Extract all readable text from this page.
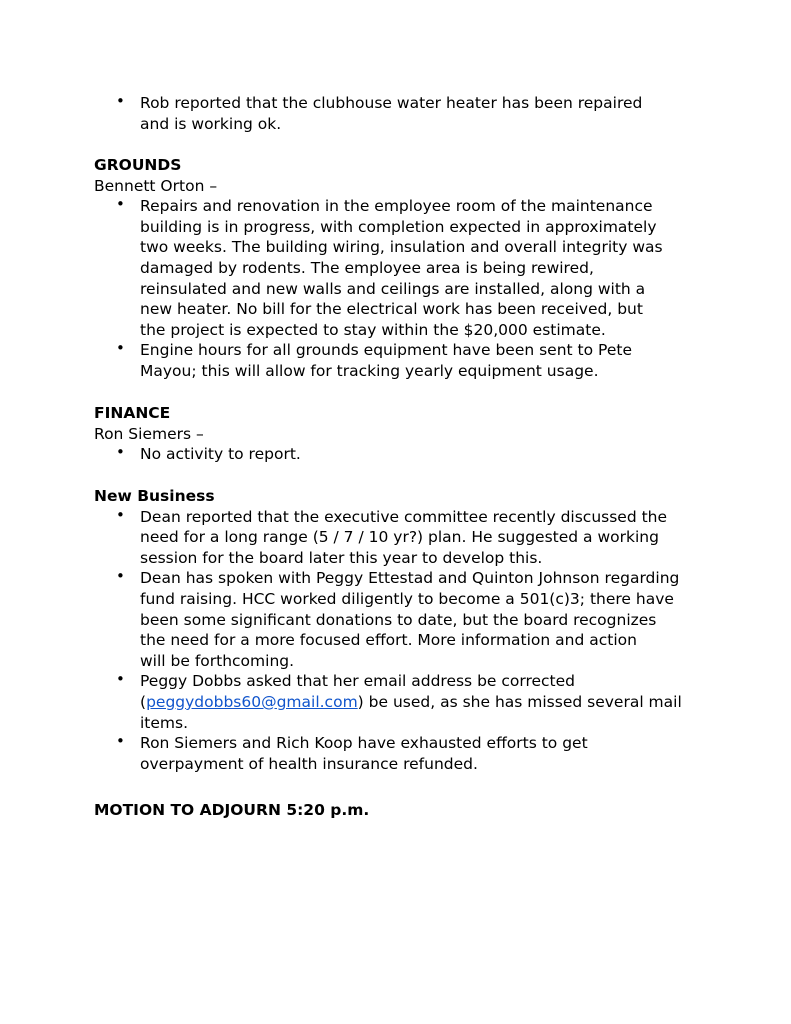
• Rob reported that the clubhouse water heater has been repaired
and is working ok.

GROUNDS

Bennett Orton –

• Repairs and renovation in the employee room of the maintenance
building is in progress, with completion expected in approximately
two weeks. The building wiring, insulation and overall integrity was
damaged by rodents. The employee area is being rewired,
reinsulated and new walls and ceilings are installed, along with a
new heater. No bill for the electrical work has been received, but
the project is expected to stay within the $20,000 estimate.
• Engine hours for all grounds equipment have been sent to Pete
Mayou; this will allow for tracking yearly equipment usage.

FINANCE

Ron Siemers –

• No activity to report.

New Business

• Dean reported that the executive committee recently discussed the
need for a long range (5 / 7 / 10 yr?) plan. He suggested a working
session for the board later this year to develop this.
• Dean has spoken with Peggy Ettestad and Quinton Johnson regarding
fund raising. HCC worked diligently to become a 501(c)3; there have
been some significant donations to date, but the board recognizes
the need for a more focused effort. More information and action
will be forthcoming.
• Peggy Dobbs asked that her email address be corrected
(peggydobbs60@gmail.com) be used, as she has missed several mail
items.
• Ron Siemers and Rich Koop have exhausted efforts to get
overpayment of health insurance refunded.

MOTION TO ADJOURN 5:20 p.m.
